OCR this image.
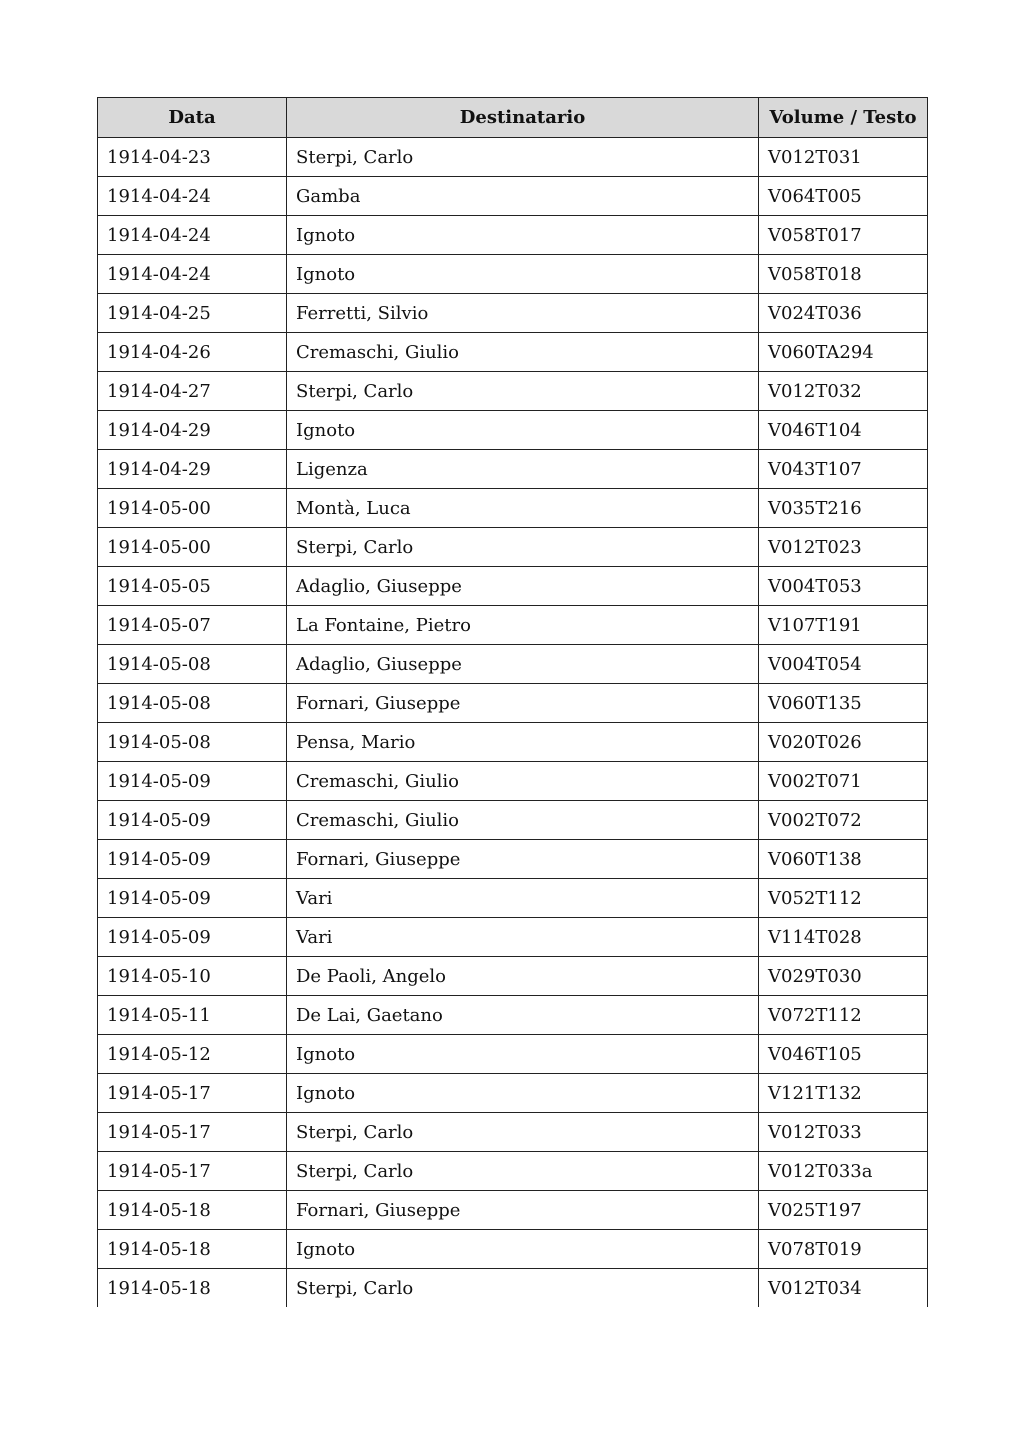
Data	Destinatario	Volume / Testo
1914-04-23	Sterpi, Carlo	V012T031
1914-04-24	Gamba	V064T005
1914-04-24	Ignoto	V058T017
1914-04-24	Ignoto	V058T018
1914-04-25	Ferretti, Silvio	V024T036
1914-04-26	Cremaschi, Giulio	V060TA294
1914-04-27	Sterpi, Carlo	V012T032
1914-04-29	Ignoto	V046T104
1914-04-29	Ligenza	V043T107
1914-05-00	Montà, Luca	V035T216
1914-05-00	Sterpi, Carlo	V012T023
1914-05-05	Adaglio, Giuseppe	V004T053
1914-05-07	La Fontaine, Pietro	V107T191
1914-05-08	Adaglio, Giuseppe	V004T054
1914-05-08	Fornari, Giuseppe	V060T135
1914-05-08	Pensa, Mario	V020T026
1914-05-09	Cremaschi, Giulio	V002T071
1914-05-09	Cremaschi, Giulio	V002T072
1914-05-09	Fornari, Giuseppe	V060T138
1914-05-09	Vari	V052T112
1914-05-09	Vari	V114T028
1914-05-10	De Paoli, Angelo	V029T030
1914-05-11	De Lai, Gaetano	V072T112
1914-05-12	Ignoto	V046T105
1914-05-17	Ignoto	V121T132
1914-05-17	Sterpi, Carlo	V012T033
1914-05-17	Sterpi, Carlo	V012T033a
1914-05-18	Fornari, Giuseppe	V025T197
1914-05-18	Ignoto	V078T019
1914-05-18	Sterpi, Carlo	V012T034
